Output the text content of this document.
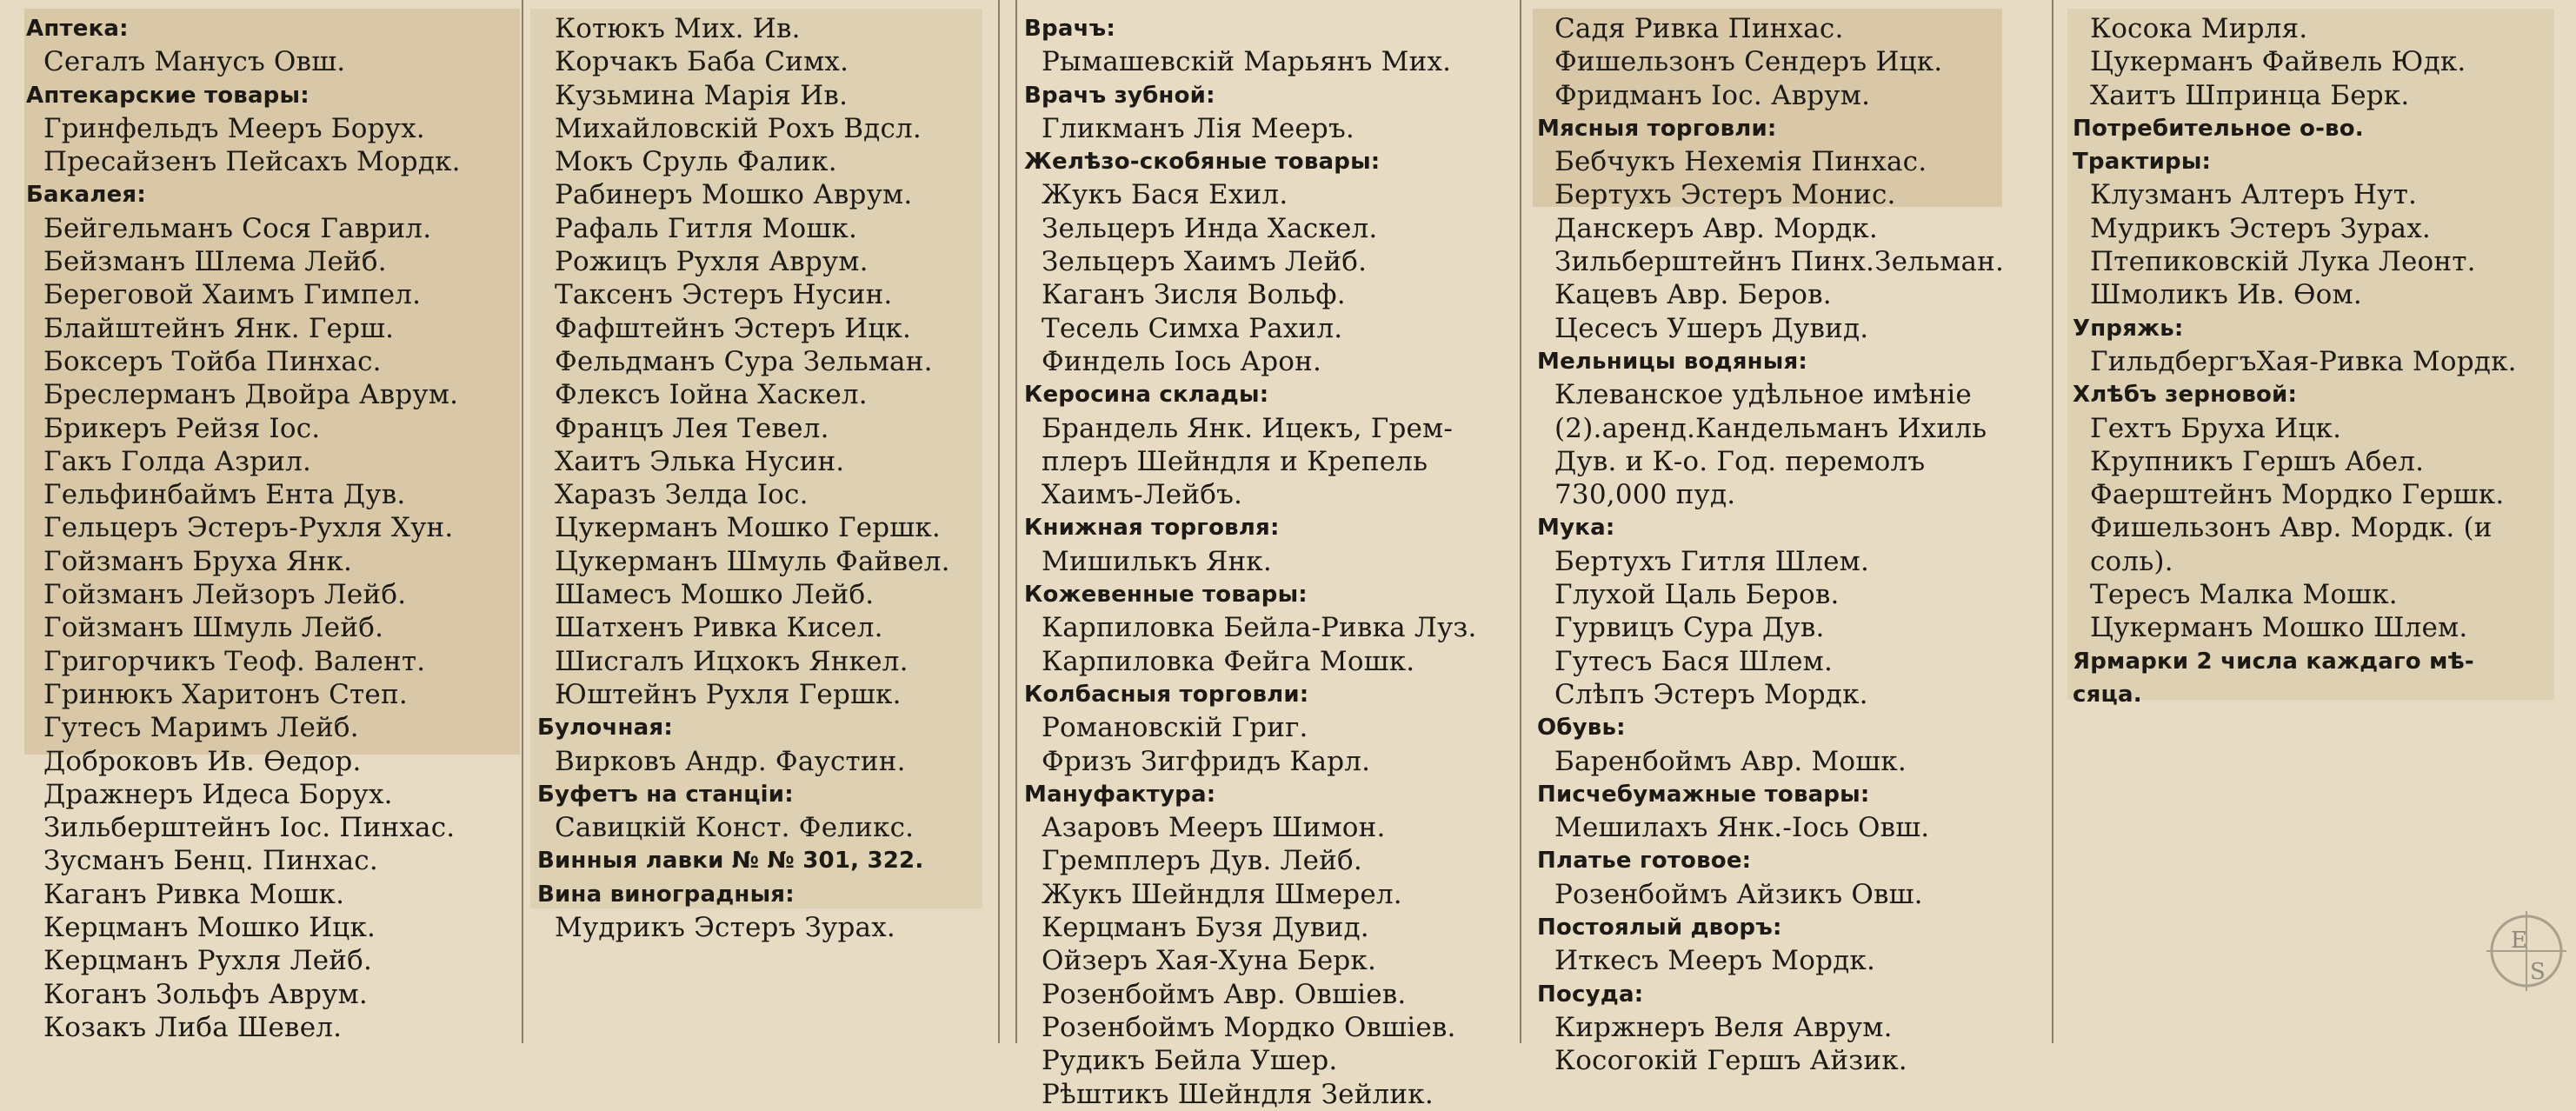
Аптека:
Сегалъ Манусъ Овш.
Аптекарские товары:
Гринфельдъ Мееръ Борух.
Пресайзенъ Пейсахъ Мордк.
Бакалея:
Бейгельманъ Сося Гаврил.
Бейзманъ Шлема Лейб.
Береговой Хаимъ Гимпел.
Блайштейнъ Янк. Герш.
Боксеръ Тойба Пинхас.
Бреслерманъ Двойра Аврум.
Брикеръ Рейзя Іос.
Гакъ Голда Азрил.
Гельфинбаймъ Ента Дув.
Гельцеръ Эстеръ-Рухля Хун.
Гойзманъ Бруха Янк.
Гойзманъ Лейзоръ Лейб.
Гойзманъ Шмуль Лейб.
Григорчикъ Теоф. Валент.
Гринюкъ Харитонъ Степ.
Гутесъ Маримъ Лейб.
Доброковъ Ив. Өедор.
Дражнеръ Идеса Борух.
Зильберштейнъ Іос. Пинхас.
Зусманъ Бенц. Пинхас.
Каганъ Ривка Мошк.
Керцманъ Мошко Ицк.
Керцманъ Рухля Лейб.
Коганъ Зольфъ Аврум.
Козакъ Либа Шевел.
Котюкъ Мих. Ив.
Корчакъ Баба Симх.
Кузьмина Марія Ив.
Михайловскій Рохъ Вдсл.
Мокъ Сруль Фалик.
Рабинеръ Мошко Аврум.
Рафаль Гитля Мошк.
Рожицъ Рухля Аврум.
Таксенъ Эстеръ Нусин.
Фафштейнъ Эстеръ Ицк.
Фельдманъ Сура Зельман.
Флексъ Іойна Хаскел.
Францъ Лея Тевел.
Хаитъ Элька Нусин.
Харазъ Зелда Іос.
Цукерманъ Мошко Гершк.
Цукерманъ Шмуль Файвел.
Шамесъ Мошко Лейб.
Шатхенъ Ривка Кисел.
Шисгалъ Ицхокъ Янкел.
Юштейнъ Рухля Гершк.
Булочная:
Вирковъ Андр. Фаустин.
Буфетъ на станціи:
Савицкій Конст. Феликс.
Винныя лавки № № 301, 322.
Вина виноградныя:
Мудрикъ Эстеръ Зурах.
Врачъ:
Рымашевскій Марьянъ Мих.
Врачъ зубной:
Гликманъ Лія Мееръ.
Желѣзо-скобяные товары:
Жукъ Бася Ехил.
Зельцеръ Инда Хаскел.
Зельцеръ Хаимъ Лейб.
Каганъ Зисля Вольф.
Тесель Симха Рахил.
Финдель Іось Арон.
Керосина склады:
Брандель Янк. Ицекъ, Грем-
плеръ Шейндля и Крепель
Хаимъ-Лейбъ.
Книжная торговля:
Мишилькъ Янк.
Кожевенные товары:
Карпиловка Бейла-Ривка Луз.
Карпиловка Фейга Мошк.
Колбасныя торговли:
Романовскій Григ.
Фризъ Зигфридъ Карл.
Мануфактура:
Азаровъ Мееръ Шимон.
Гремплеръ Дув. Лейб.
Жукъ Шейндля Шмерел.
Керцманъ Бузя Дувид.
Ойзеръ Хая-Хуна Берк.
Розенбоймъ Авр. Овшіев.
Розенбоймъ Мордко Овшіев.
Рудикъ Бейла Ушер.
Рѣштикъ Шейндля Зейлик.
Садя Ривка Пинхас.
Фишельзонъ Сендеръ Ицк.
Фридманъ Іос. Аврум.
Мясныя торговли:
Бебчукъ Нехемія Пинхас.
Бертухъ Эстеръ Монис.
Данскеръ Авр. Мордк.
Зильберштейнъ Пинх.Зельман.
Кацевъ Авр. Беров.
Цесесъ Ушеръ Дувид.
Мельницы водяныя:
Клеванское удѣльное имѣніе
(2).аренд.Кандельманъ Ихиль
Дув. и К-о. Год. перемолъ
730,000 пуд.
Мука:
Бертухъ Гитля Шлем.
Глухой Цаль Беров.
Гурвицъ Сура Дув.
Гутесъ Бася Шлем.
Слѣпъ Эстеръ Мордк.
Обувь:
Баренбоймъ Авр. Мошк.
Писчебумажные товары:
Мешилахъ Янк.-Іось Овш.
Платье готовое:
Розенбоймъ Айзикъ Овш.
Постоялый дворъ:
Иткесъ Мееръ Мордк.
Посуда:
Киржнеръ Веля Аврум.
Косогокій Гершъ Айзик.
Косока Мирля.
Цукерманъ Файвель Юдк.
Хаитъ Шпринца Берк.
Потребительное о-во.
Трактиры:
Клузманъ Алтеръ Нут.
Мудрикъ Эстеръ Зурах.
Птепиковскій Лука Леонт.
Шмоликъ Ив. Өом.
Упряжь:
ГильдбергъХая-Ривка Мордк.
Хлѣбъ зерновой:
Гехтъ Бруха Ицк.
Крупникъ Гершъ Абел.
Фаерштейнъ Мордко Гершк.
Фишельзонъ Авр. Мордк. (и
соль).
Тересъ Малка Мошк.
Цукерманъ Мошко Шлем.
Ярмарки 2 числа каждаго мѣ-
сяца.
E
S
